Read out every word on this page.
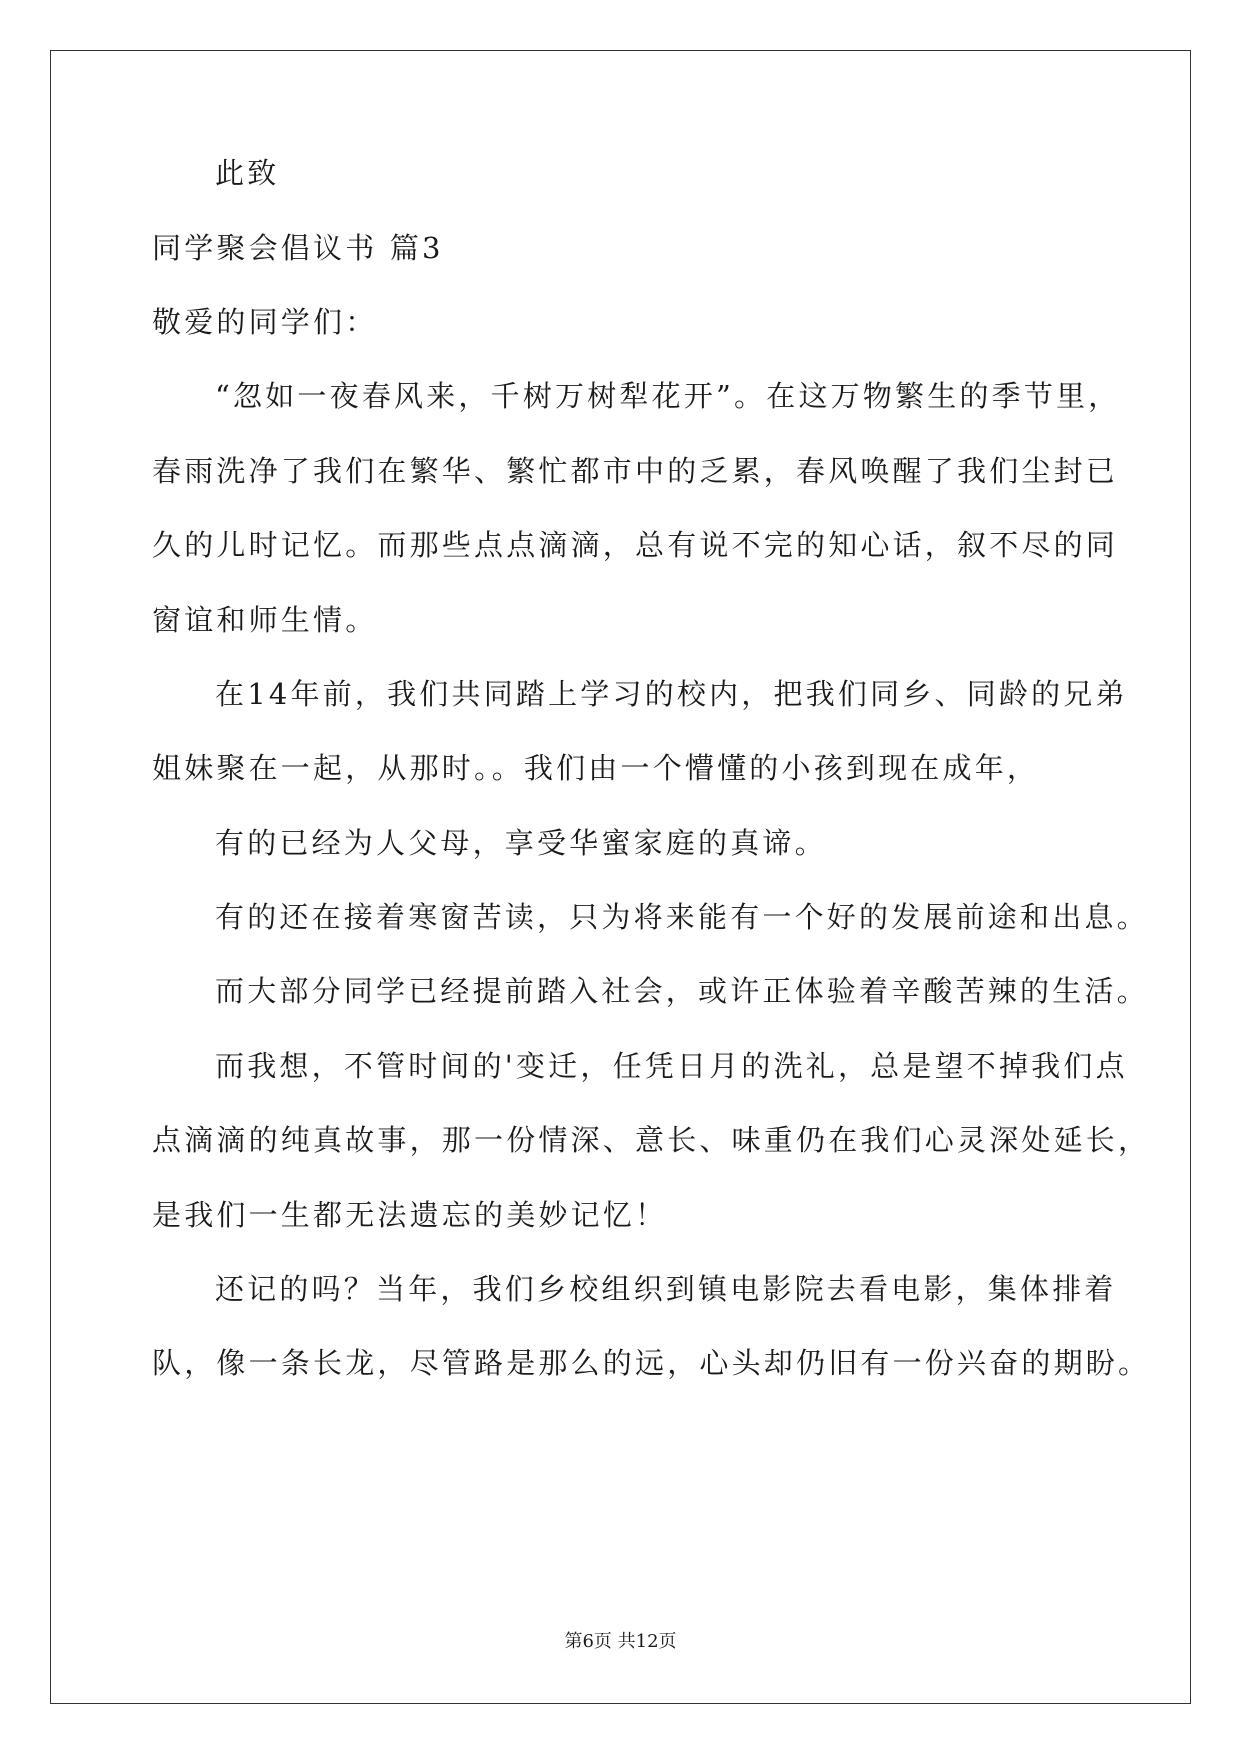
此致
同学聚会倡议书 篇3
敬爱的同学们：
“忽如一夜春风来，千树万树犁花开”。在这万物繁生的季节里，
春雨洗净了我们在繁华、繁忙都市中的乏累，春风唤醒了我们尘封已
久的儿时记忆。而那些点点滴滴，总有说不完的知心话，叙不尽的同
窗谊和师生情。
在14年前，我们共同踏上学习的校内，把我们同乡、同龄的兄弟
姐妹聚在一起，从那时。。我们由一个懵懂的小孩到现在成年，
有的已经为人父母，享受华蜜家庭的真谛。
有的还在接着寒窗苦读，只为将来能有一个好的发展前途和出息。
而大部分同学已经提前踏入社会，或许正体验着辛酸苦辣的生活。
而我想，不管时间的'变迁，任凭日月的洗礼，总是望不掉我们点
点滴滴的纯真故事，那一份情深、意长、味重仍在我们心灵深处延长，
是我们一生都无法遗忘的美妙记忆！
还记的吗？当年，我们乡校组织到镇电影院去看电影，集体排着
队，像一条长龙，尽管路是那么的远，心头却仍旧有一份兴奋的期盼。
第6页 共12页
